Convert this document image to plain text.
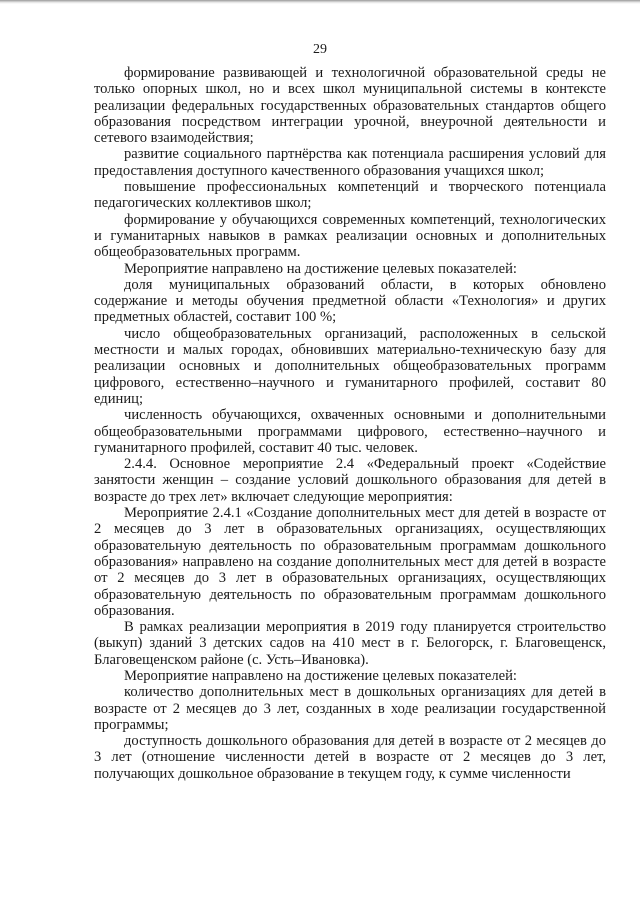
29

формирование развивающей и технологичной образовательной среды не только опорных школ, но и всех школ муниципальной системы в контексте реализации федеральных государственных образовательных стандартов общего образования посредством интеграции урочной, внеурочной деятельности и сетевого взаимодействия;

развитие социального партнёрства как потенциала расширения условий для предоставления доступного качественного образования учащихся школ;

повышение профессиональных компетенций и творческого потенциала педагогических коллективов школ;

формирование у обучающихся современных компетенций, технологических и гуманитарных навыков в рамках реализации основных и дополнительных общеобразовательных программ.

Мероприятие направлено на достижение целевых показателей:

доля муниципальных образований области, в которых обновлено содержание и методы обучения предметной области «Технология» и других предметных областей, составит 100 %;

число общеобразовательных организаций, расположенных в сельской местности и малых городах, обновивших материально-техническую базу для реализации основных и дополнительных общеобразовательных программ цифрового, естественно–научного и гуманитарного профилей, составит 80 единиц;

численность обучающихся, охваченных основными и дополнительными общеобразовательными программами цифрового, естественно–научного и гуманитарного профилей, составит 40 тыс. человек.

2.4.4. Основное мероприятие 2.4 «Федеральный проект «Содействие занятости женщин – создание условий дошкольного образования для детей в возрасте до трех лет» включает следующие мероприятия:

Мероприятие 2.4.1 «Создание дополнительных мест для детей в возрасте от 2 месяцев до 3 лет в образовательных организациях, осуществляющих образовательную деятельность по образовательным программам дошкольного образования» направлено на создание дополнительных мест для детей в возрасте от 2 месяцев до 3 лет в образовательных организациях, осуществляющих образовательную деятельность по образовательным программам дошкольного образования.

В рамках реализации мероприятия в 2019 году планируется строительство (выкуп) зданий 3 детских садов на 410 мест в г. Белогорск, г. Благовещенск, Благовещенском районе (с. Усть–Ивановка).

Мероприятие направлено на достижение целевых показателей:

количество дополнительных мест в дошкольных организациях для детей в возрасте от 2 месяцев до 3 лет, созданных в ходе реализации государственной программы;

доступность дошкольного образования для детей в возрасте от 2 месяцев до 3 лет (отношение численности детей в возрасте от 2 месяцев до 3 лет, получающих дошкольное образование в текущем году, к сумме численности
